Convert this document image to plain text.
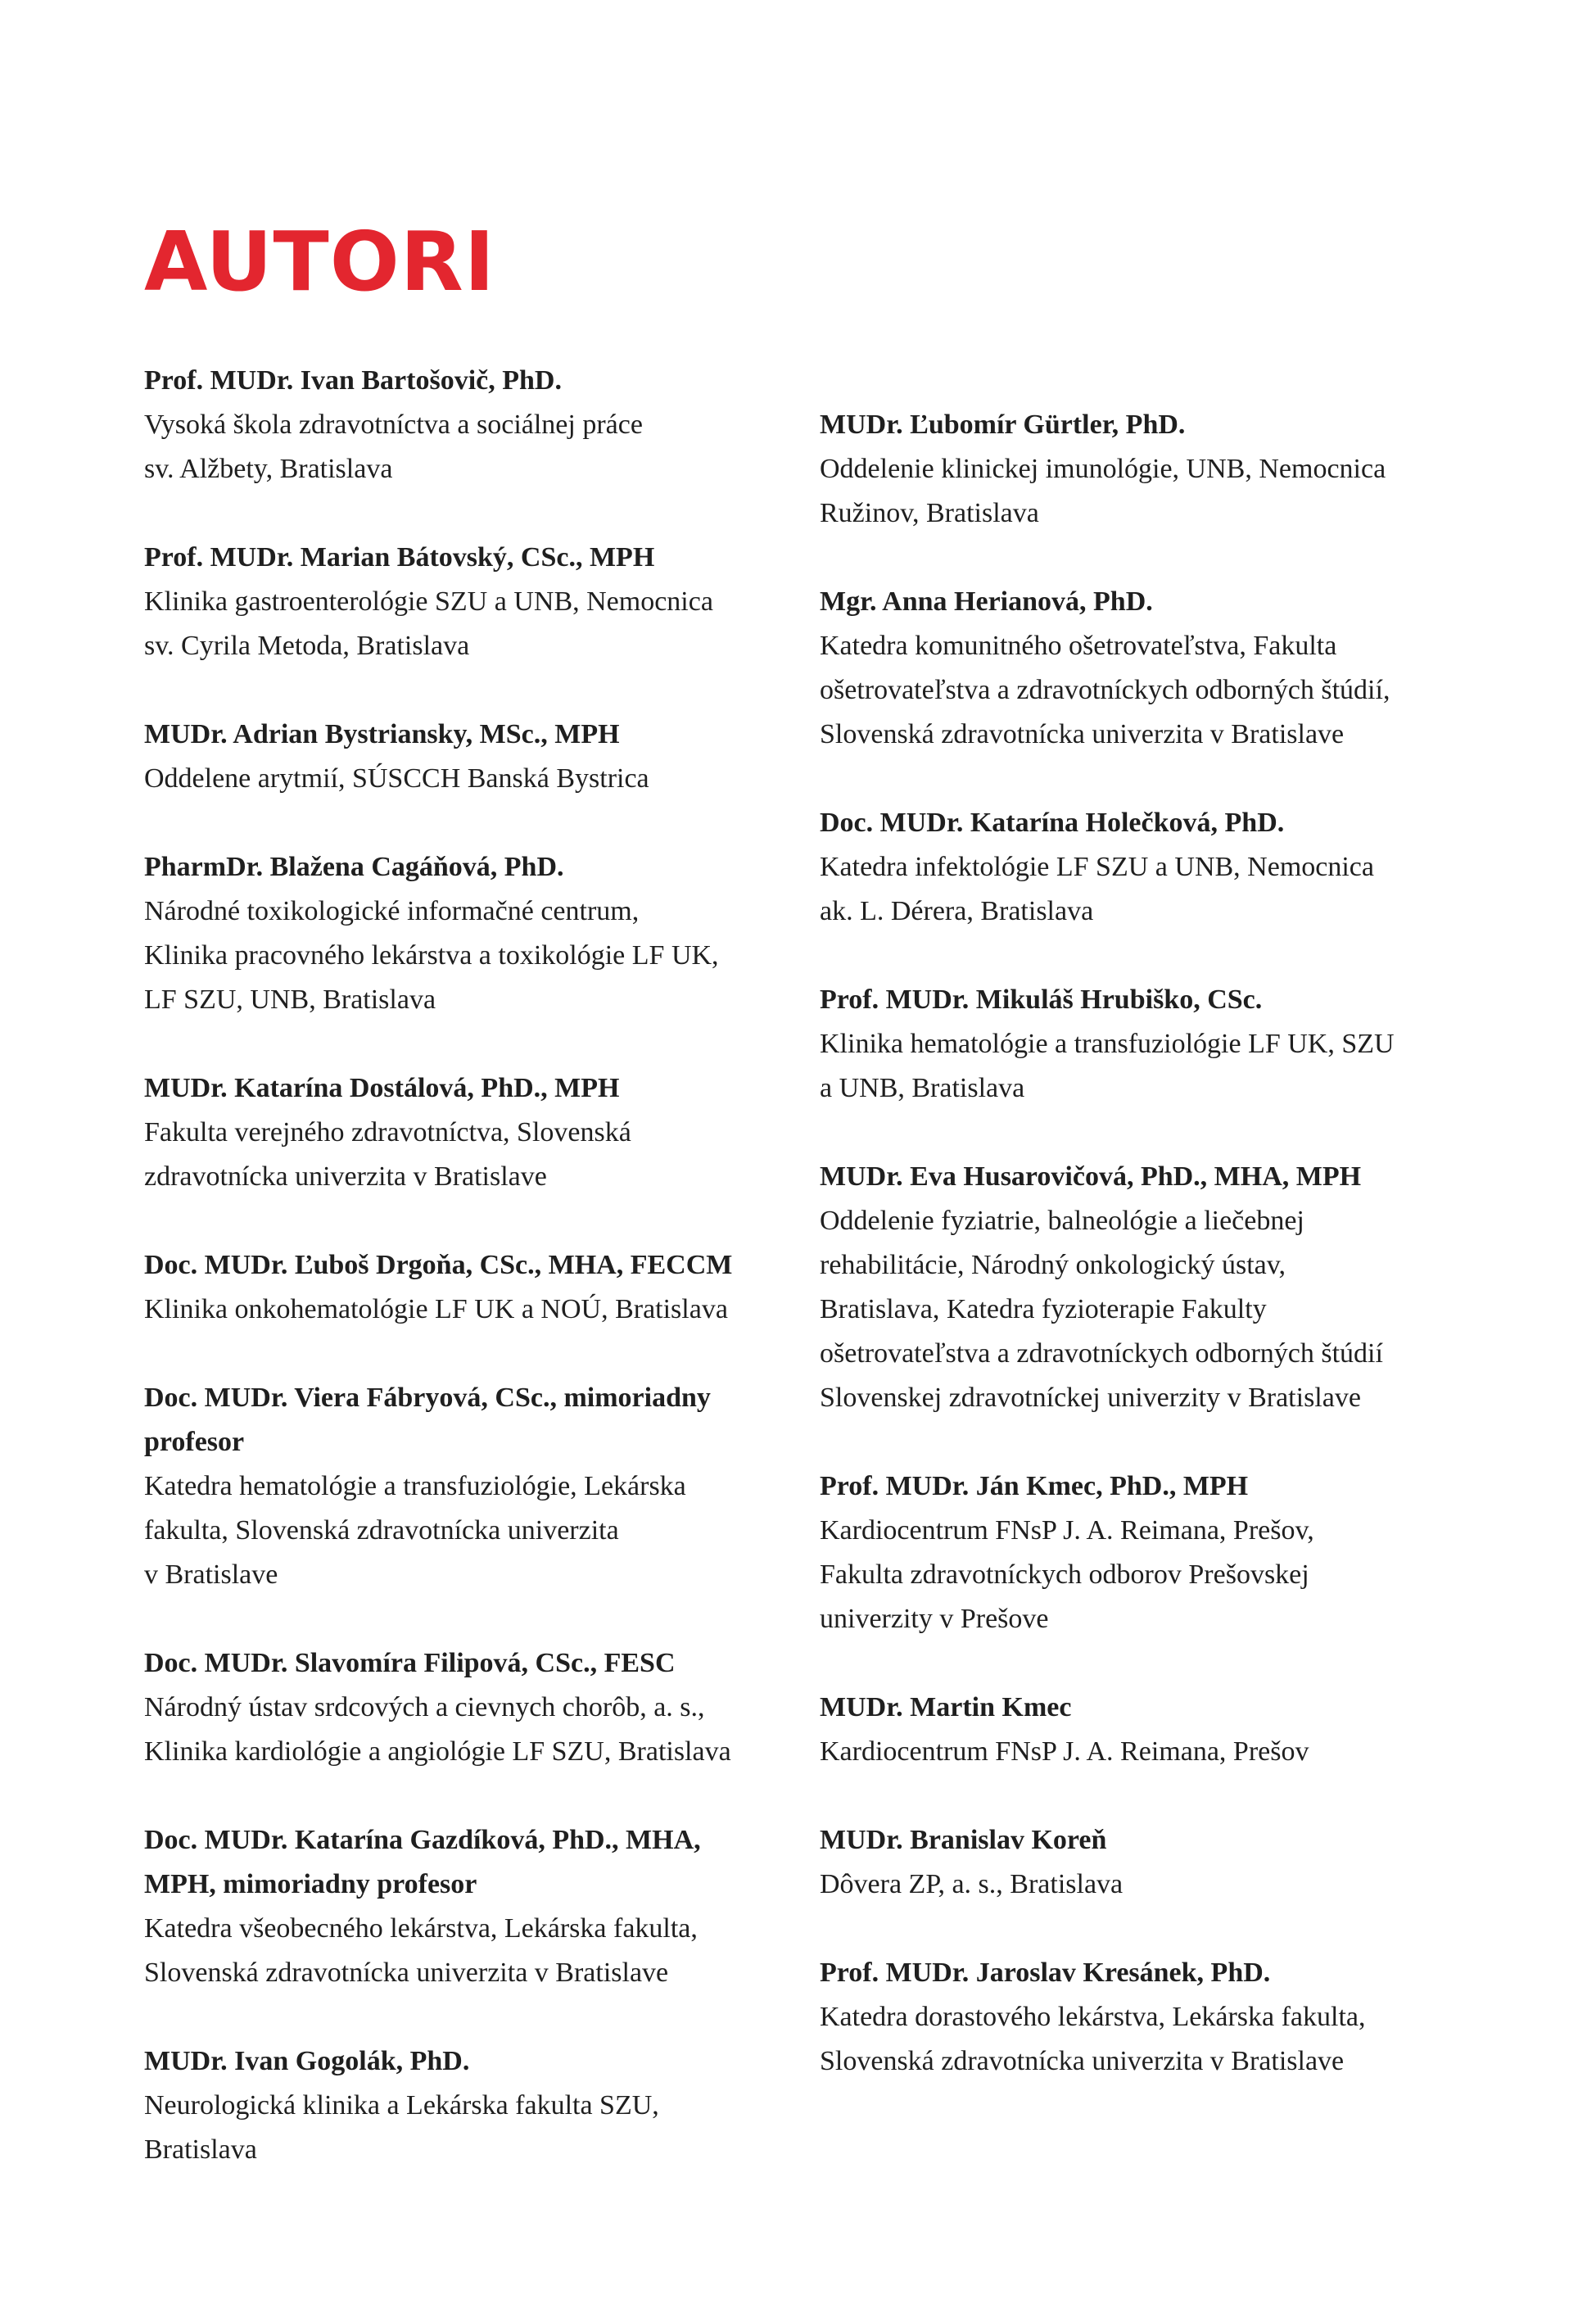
AUTORI

Prof. MUDr. Ivan Bartošovič, PhD.

Vysoká škola zdravotníctva a sociálnej práce
sv. Alžbety, Bratislava

Prof. MUDr. Marian Bátovský, CSc., MPH

Klinika gastroenterológie SZU a UNB, Nemocnica
sv. Cyrila Metoda, Bratislava

MUDr. Adrian Bystriansky, MSc., MPH

Oddelene arytmií, SÚSCCH Banská Bystrica

PharmDr. Blažena Cagáňová, PhD.

Národné toxikologické informačné centrum,
Klinika pracovného lekárstva a toxikológie LF UK,
LF SZU, UNB, Bratislava

MUDr. Katarína Dostálová, PhD., MPH

Fakulta verejného zdravotníctva, Slovenská
zdravotnícka univerzita v Bratislave

Doc. MUDr. Ľuboš Drgoňa, CSc., MHA, FECCM

Klinika onkohematológie LF UK a NOÚ, Bratislava

Doc. MUDr. Viera Fábryová, CSc., mimoriadny
profesor

Katedra hematológie a transfuziológie, Lekárska
fakulta, Slovenská zdravotnícka univerzita
v Bratislave

Doc. MUDr. Slavomíra Filipová, CSc., FESC

Národný ústav srdcových a cievnych chorôb, a. s.,
Klinika kardiológie a angiológie LF SZU, Bratislava

Doc. MUDr. Katarína Gazdíková, PhD., MHA,
MPH, mimoriadny profesor

Katedra všeobecného lekárstva, Lekárska fakulta,
Slovenská zdravotnícka univerzita v Bratislave

MUDr. Ivan Gogolák, PhD.

Neurologická klinika a Lekárska fakulta SZU,
Bratislava

MUDr. Ľubomír Gürtler, PhD.

Oddelenie klinickej imunológie, UNB, Nemocnica
Ružinov, Bratislava

Mgr. Anna Herianová, PhD.

Katedra komunitného ošetrovateľstva, Fakulta
ošetrovateľstva a zdravotníckych odborných štúdií,
Slovenská zdravotnícka univerzita v Bratislave

Doc. MUDr. Katarína Holečková, PhD.

Katedra infektológie LF SZU a UNB, Nemocnica
ak. L. Dérera, Bratislava

Prof. MUDr. Mikuláš Hrubiško, CSc.

Klinika hematológie a transfuziológie LF UK, SZU
a UNB, Bratislava

MUDr. Eva Husarovičová, PhD., MHA, MPH

Oddelenie fyziatrie, balneológie a liečebnej
rehabilitácie, Národný onkologický ústav,
Bratislava, Katedra fyzioterapie Fakulty
ošetrovateľstva a zdravotníckych odborných štúdií
Slovenskej zdravotníckej univerzity v Bratislave

Prof. MUDr. Ján Kmec, PhD., MPH

Kardiocentrum FNsP J. A. Reimana, Prešov,
Fakulta zdravotníckych odborov Prešovskej
univerzity v Prešove

MUDr. Martin Kmec

Kardiocentrum FNsP J. A. Reimana, Prešov

MUDr. Branislav Koreň

Dôvera ZP, a. s., Bratislava

Prof. MUDr. Jaroslav Kresánek, PhD.

Katedra dorastového lekárstva, Lekárska fakulta,
Slovenská zdravotnícka univerzita v Bratislave
